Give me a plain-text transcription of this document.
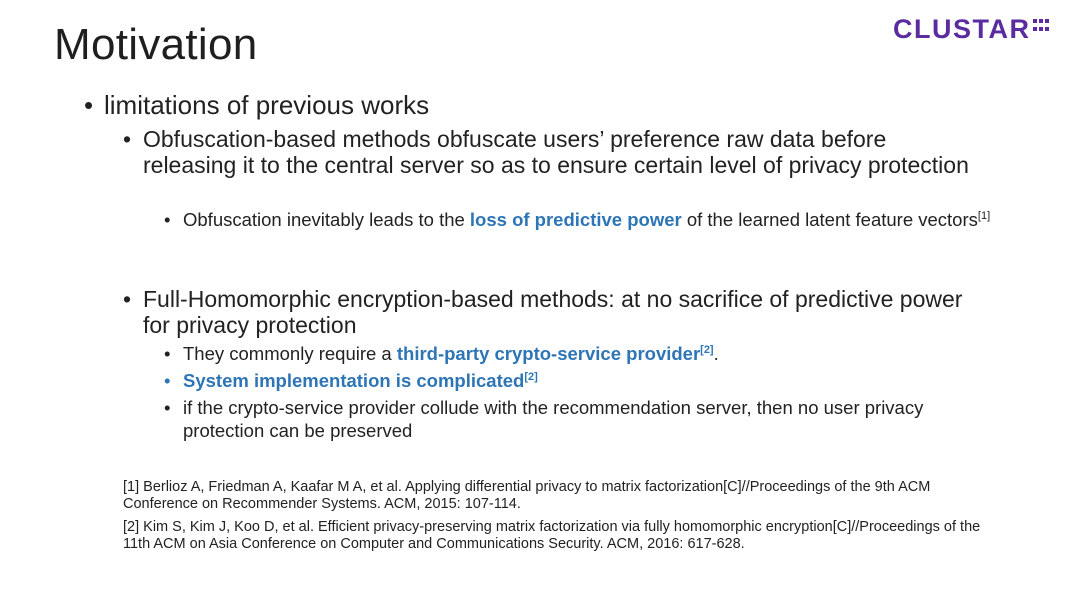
Motivation	CLUSTAR
• limitations of previous works
• Obfuscation-based methods obfuscate users’ preference raw data before releasing it to the central server so as to ensure certain level of privacy protection
• Obfuscation inevitably leads to the loss of predictive power of the learned latent feature vectors[1]
• Full-Homomorphic encryption-based methods: at no sacrifice of predictive power for privacy protection
• They commonly require a third-party crypto-service provider[2].
• System implementation is complicated[2]
• if the crypto-service provider collude with the recommendation server, then no user privacy protection can be preserved

[1] Berlioz A, Friedman A, Kaafar M A, et al. Applying differential privacy to matrix factorization[C]//Proceedings of the 9th ACM Conference on Recommender Systems. ACM, 2015: 107-114.

[2] Kim S, Kim J, Koo D, et al. Efficient privacy-preserving matrix factorization via fully homomorphic encryption[C]//Proceedings of the 11th ACM on Asia Conference on Computer and Communications Security. ACM, 2016: 617-628.
